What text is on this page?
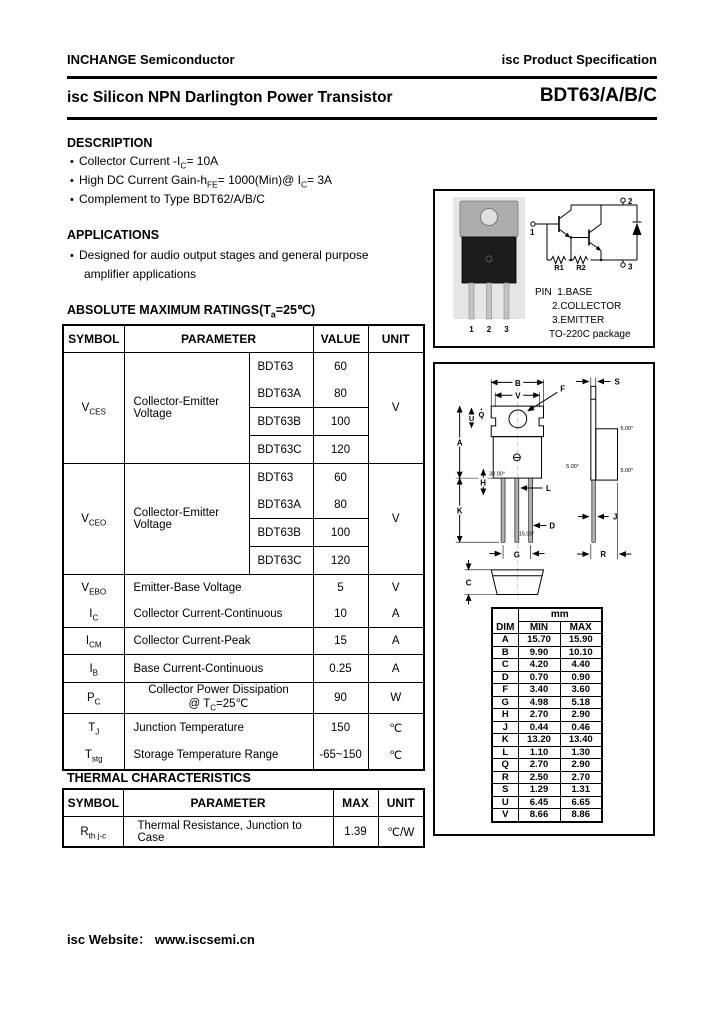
INCHANGE Semiconductor	isc Product Specification
isc Silicon NPN Darlington Power Transistor	BDT63/A/B/C
DESCRIPTION
• Collector Current $-I_C= 10A$
• High DC Current Gain-$h_{FE}=$ 1000(Min)@ $I_C= 3A$
• Complement to Type BDT62/A/B/C
APPLICATIONS
• Designed for audio output stages and general purpose
amplifier applications
ABSOLUTE MAXIMUM $RATINGS(T_a=25℃)$
SYMBOL	PARAMETER		VALUE	UNIT
$V_{CES}$	Collector-Emitter Voltage	BDT63	60	V
		BDT63A	80	
		BDT63B	100	
		BDT63C	120	
$V_{CEO}$	Collector-Emitter Voltage	BDT63	60	V
		BDT63A	80	
		BDT63B	100	
		BDT63C	120	
$V_{EBO}$	Emitter-Base Voltage		5	V
$I_C$	Collector Current-Continuous		10	A
$I_{CM}$	Collector Current-Peak		15	A
$I_B$	Base Current-Continuous		0.25	A
$P_C$	Collector Power Dissipation
@ $T_C=25℃$		90	W
$T_J$	Junction Temperature		150	℃
$T_{stg}$	Storage Temperature Range		-65~150	℃
THERMAL CHARACTERISTICS
SYMBOL	PARAMETER	MAX	UNIT
$R_{th j-c}$	Thermal Resistance, Junction to Case	1.39	℃/W
1 2 3
1
2
3
R1 R2
PIN  1.BASE
2.COLLECTOR
3.EMITTER
TO-220C package
B
V
F
Q
U
A
H
K
G
D
L
C
S
J
R
30.00°
15.00°
5.00°
5.00°
5.00°
	mm	
DIM	MIN	MAX
A	15.70	15.90
B	9.90	10.10
C	4.20	4.40
D	0.70	0.90
F	3.40	3.60
G	4.98	5.18
H	2.70	2.90
J	0.44	0.46
K	13.20	13.40
L	1.10	1.30
Q	2.70	2.90
R	2.50	2.70
S	1.29	1.31
U	6.45	6.65
V	8.66	8.86
isc Website： www.iscsemi.cn
